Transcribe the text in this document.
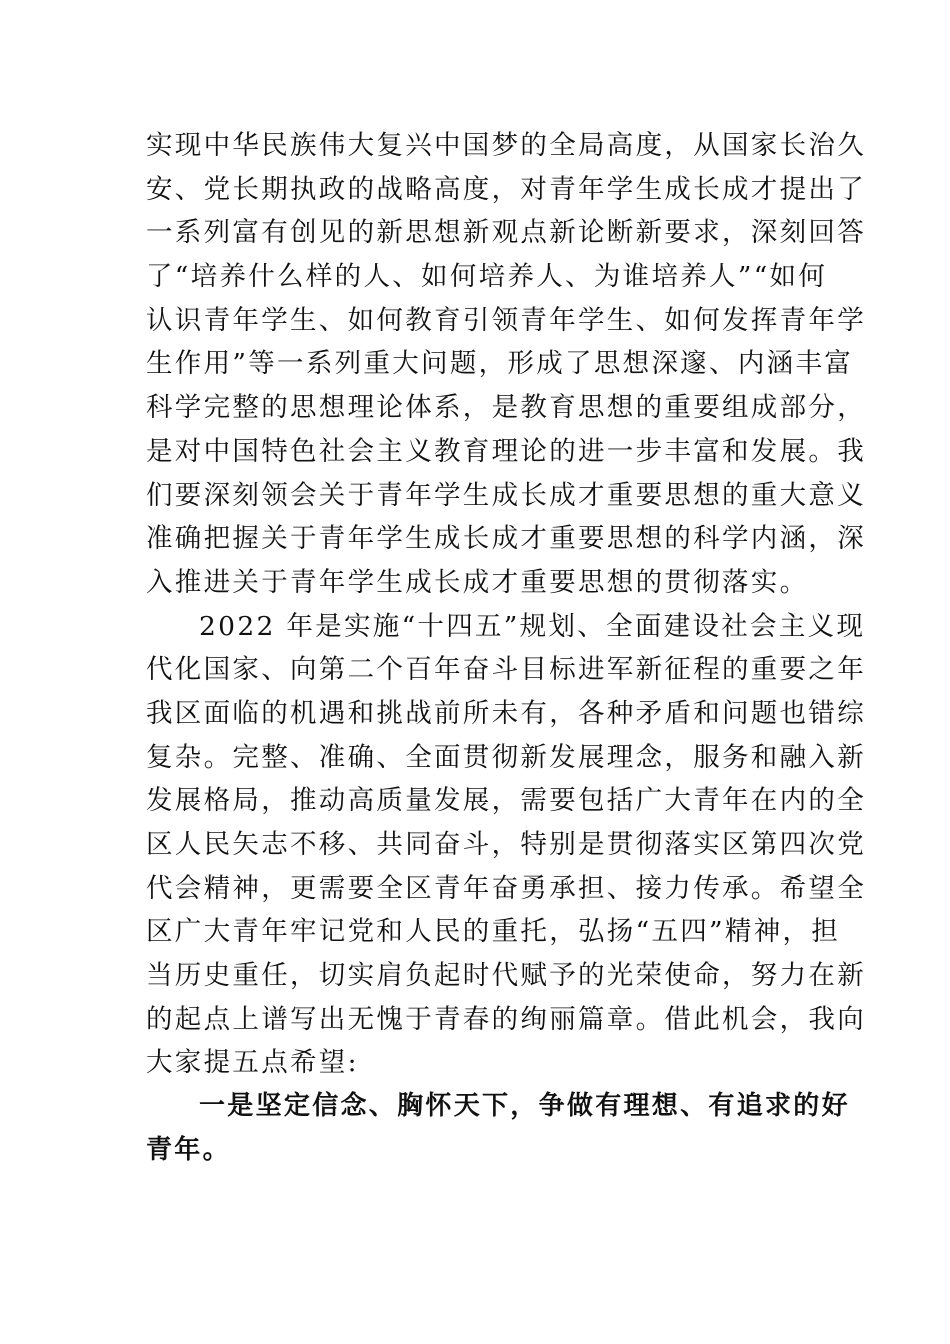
实现中华民族伟大复兴中国梦的全局高度，从国家长治久
安、党长期执政的战略高度，对青年学生成长成才提出了
一系列富有创见的新思想新观点新论断新要求，深刻回答
了“培养什么样的人、如何培养人、为谁培养人”“如何
认识青年学生、如何教育引领青年学生、如何发挥青年学
生作用”等一系列重大问题，形成了思想深邃、内涵丰富
科学完整的思想理论体系，是教育思想的重要组成部分，
是对中国特色社会主义教育理论的进一步丰富和发展。我
们要深刻领会关于青年学生成长成才重要思想的重大意义
准确把握关于青年学生成长成才重要思想的科学内涵，深
入推进关于青年学生成长成才重要思想的贯彻落实。
2022 年是实施“十四五”规划、全面建设社会主义现
代化国家、向第二个百年奋斗目标进军新征程的重要之年
我区面临的机遇和挑战前所未有，各种矛盾和问题也错综
复杂。完整、准确、全面贯彻新发展理念，服务和融入新
发展格局，推动高质量发展，需要包括广大青年在内的全
区人民矢志不移、共同奋斗，特别是贯彻落实区第四次党
代会精神，更需要全区青年奋勇承担、接力传承。希望全
区广大青年牢记党和人民的重托，弘扬“五四”精神，担
当历史重任，切实肩负起时代赋予的光荣使命，努力在新
的起点上谱写出无愧于青春的绚丽篇章。借此机会，我向
大家提五点希望:
一是坚定信念、胸怀天下，争做有理想、有追求的好
青年。
